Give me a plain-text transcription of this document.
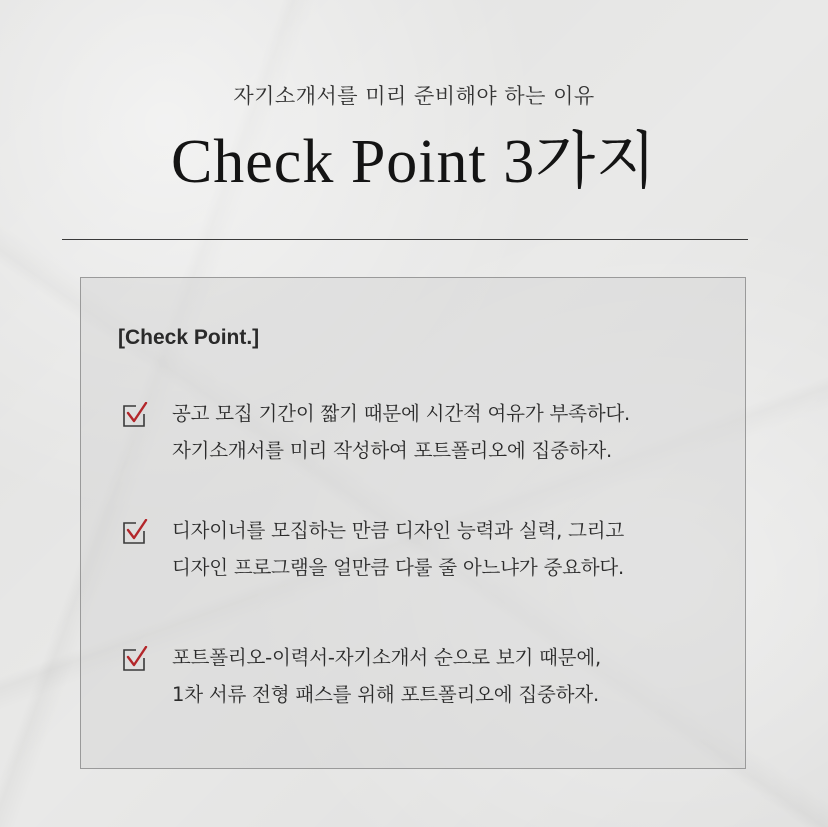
자기소개서를 미리 준비해야 하는 이유
Check Point 3가지
[Check Point.]
공고 모집 기간이 짧기 때문에 시간적 여유가 부족하다.
자기소개서를 미리 작성하여 포트폴리오에 집중하자.
디자이너를 모집하는 만큼 디자인 능력과 실력, 그리고
디자인 프로그램을 얼만큼 다룰 줄 아느냐가 중요하다.
포트폴리오-이력서-자기소개서 순으로 보기 때문에,
1차 서류 전형 패스를 위해 포트폴리오에 집중하자.
